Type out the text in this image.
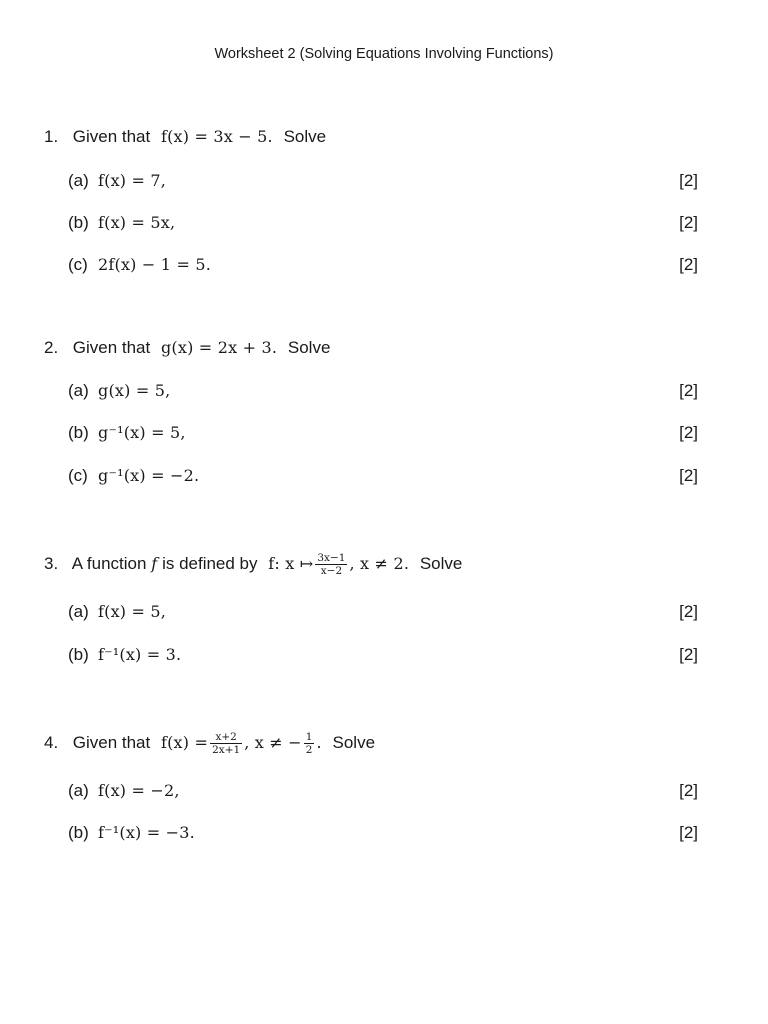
Worksheet 2 (Solving Equations Involving Functions)
1. Given that f(x) = 3x − 5. Solve
(a) f(x) = 7,	[2]
(b) f(x) = 5x,	[2]
(c) 2f(x) − 1 = 5.	[2]
2. Given that g(x) = 2x + 3. Solve
(a) g(x) = 5,	[2]
(b) g⁻¹(x) = 5,	[2]
(c) g⁻¹(x) = −2.	[2]
3. A function f is defined by f: x ↦ $\frac{3x-1}{x-2}$ , x ≠ 2. Solve
(a) f(x) = 5,	[2]
(b) f⁻¹(x) = 3.	[2]
4. Given that $f(x) = \frac{x+2}{2x+1}$ , x ≠ − $\frac{1}{2}$ . Solve
(a) f(x) = −2,	[2]
(b) f⁻¹(x) = −3.	[2]
